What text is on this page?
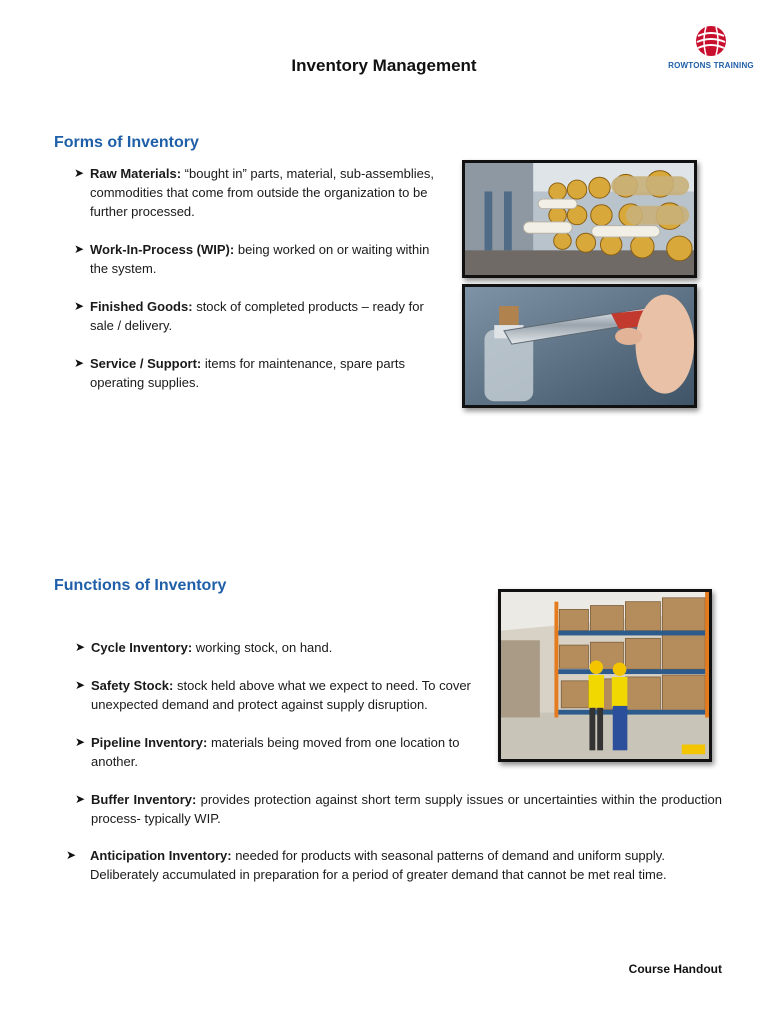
ROWTONS TRAINING
Inventory Management
Forms of Inventory
➤ Raw Materials: “bought in” parts, material, sub-assemblies, commodities that come from outside the organization to be further processed.
➤ Work-In-Process (WIP): being worked on or waiting within the system.
➤ Finished Goods: stock of completed products – ready for sale / delivery.
➤ Service / Support: items for maintenance, spare parts operating supplies.
Functions of Inventory
➤ Cycle Inventory: working stock, on hand.
➤ Safety Stock: stock held above what we expect to need. To cover unexpected demand and protect against supply disruption.
➤ Pipeline Inventory: materials being moved from one location to another.
➤ Buffer Inventory: provides protection against short term supply issues or uncertainties within the production process- typically WIP.
➤ Anticipation Inventory: needed for products with seasonal patterns of demand and uniform supply. Deliberately accumulated in preparation for a period of greater demand that cannot be met real time.
Course Handout
